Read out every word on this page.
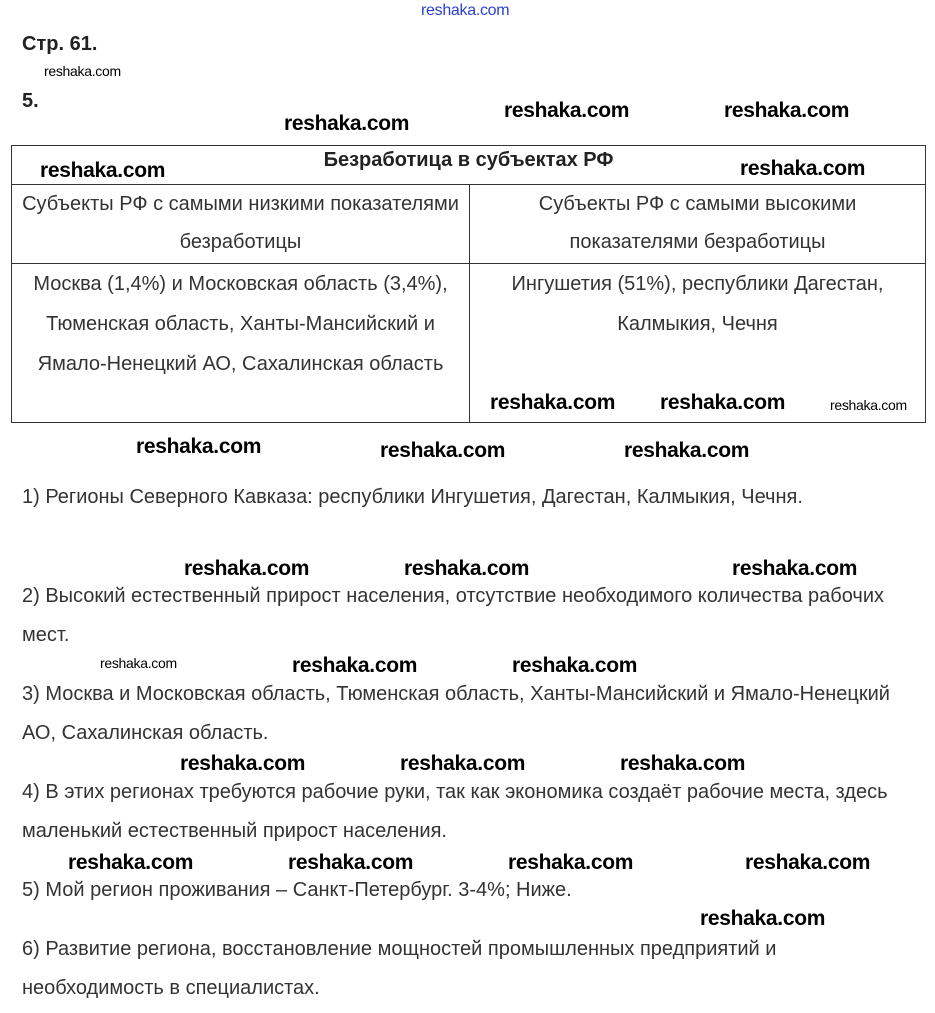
Стр. 61.
5.
Безработица в субъектах РФ	
Субъекты РФ с самыми низкими показателями безработицы	Субъекты РФ с самыми высокими показателями безработицы
Москва (1,4%) и Московская область (3,4%), Тюменская область, Ханты-Мансийский и Ямало-Ненецкий АО, Сахалинская область	Ингушетия (51%), республики Дагестан, Калмыкия, Чечня
1) Регионы Северного Кавказа: республики Ингушетия, Дагестан, Калмыкия, Чечня.
2) Высокий естественный прирост населения, отсутствие необходимого количества рабочих мест.
3) Москва и Московская область, Тюменская область, Ханты-Мансийский и Ямало-Ненецкий АО, Сахалинская область.
4) В этих регионах требуются рабочие руки, так как экономика создаёт рабочие места, здесь маленький естественный прирост населения.
5) Мой регион проживания – Санкт-Петербург. 3-4%; Ниже.
6) Развитие региона, восстановление мощностей промышленных предприятий и необходимость в специалистах.
reshaka.com
reshaka.com
reshaka.com
reshaka.com	reshaka.com
reshaka.com	reshaka.com
reshaka.com reshaka.com	reshaka.com
reshaka.com	reshaka.com	reshaka.com
reshaka.com
reshaka.com	reshaka.com
reshaka.com
reshaka.com	reshaka.com
reshaka.com
reshaka.com	reshaka.com
reshaka.com
reshaka.com	reshaka.com	reshaka.com
reshaka.com
